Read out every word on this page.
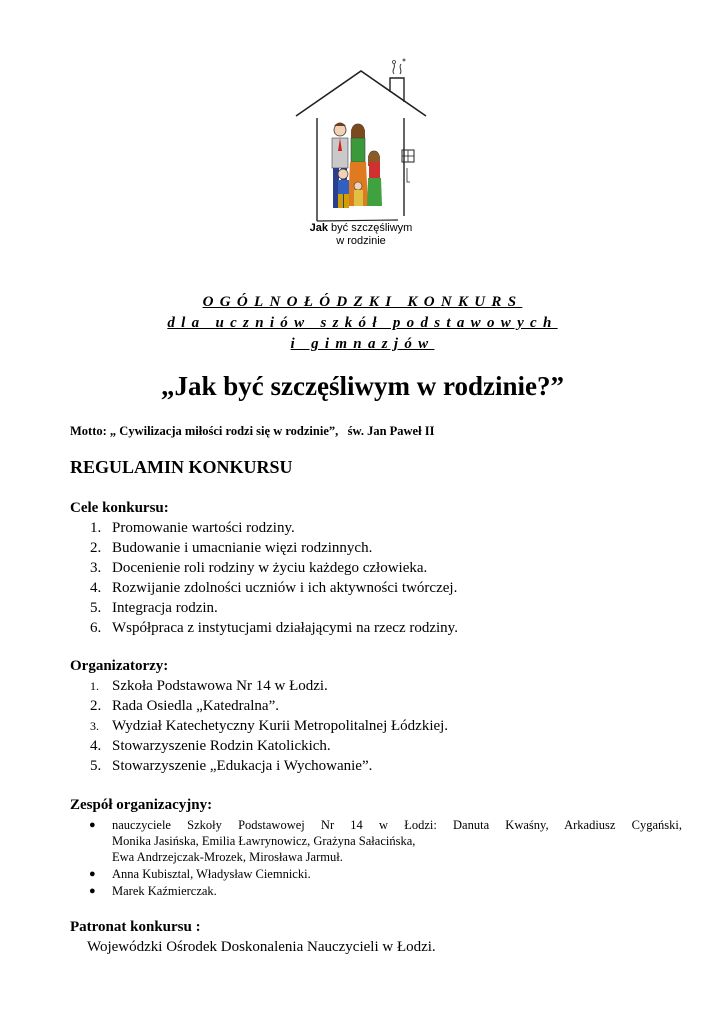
Jak być szczęśliwym
w rodzinie
OGÓLNOŁÓDZKI KONKURS
dla uczniów szkół podstawowych
i gimnazjów
„Jak być szczęśliwym w rodzinie?”
Motto: „ Cywilizacja miłości rodzi się w rodzinie”,   św. Jan Paweł II
REGULAMIN KONKURSU
Cele konkursu:
1. Promowanie wartości rodziny.
2. Budowanie i umacnianie więzi rodzinnych.
3. Docenienie roli rodziny w życiu każdego człowieka.
4. Rozwijanie zdolności uczniów i ich aktywności twórczej.
5. Integracja rodzin.
6. Współpraca z instytucjami działającymi na rzecz rodziny.
Organizatorzy:
1. Szkoła Podstawowa Nr 14 w Łodzi.
2. Rada Osiedla „Katedralna”.
3. Wydział Katechetyczny Kurii Metropolitalnej Łódzkiej.
4. Stowarzyszenie Rodzin Katolickich.
5. Stowarzyszenie „Edukacja i Wychowanie”.
Zespół organizacyjny:
● nauczyciele Szkoły Podstawowej Nr 14 w Łodzi: Danuta Kwaśny, Arkadiusz Cygański,
Monika Jasińska, Emilia Ławrynowicz, Grażyna Sałacińska,
Ewa Andrzejczak-Mrozek, Mirosława Jarmuł.
● Anna Kubisztal, Władysław Ciemnicki.
● Marek Kaźmierczak.
Patronat konkursu :
Wojewódzki Ośrodek Doskonalenia Nauczycieli w Łodzi.
